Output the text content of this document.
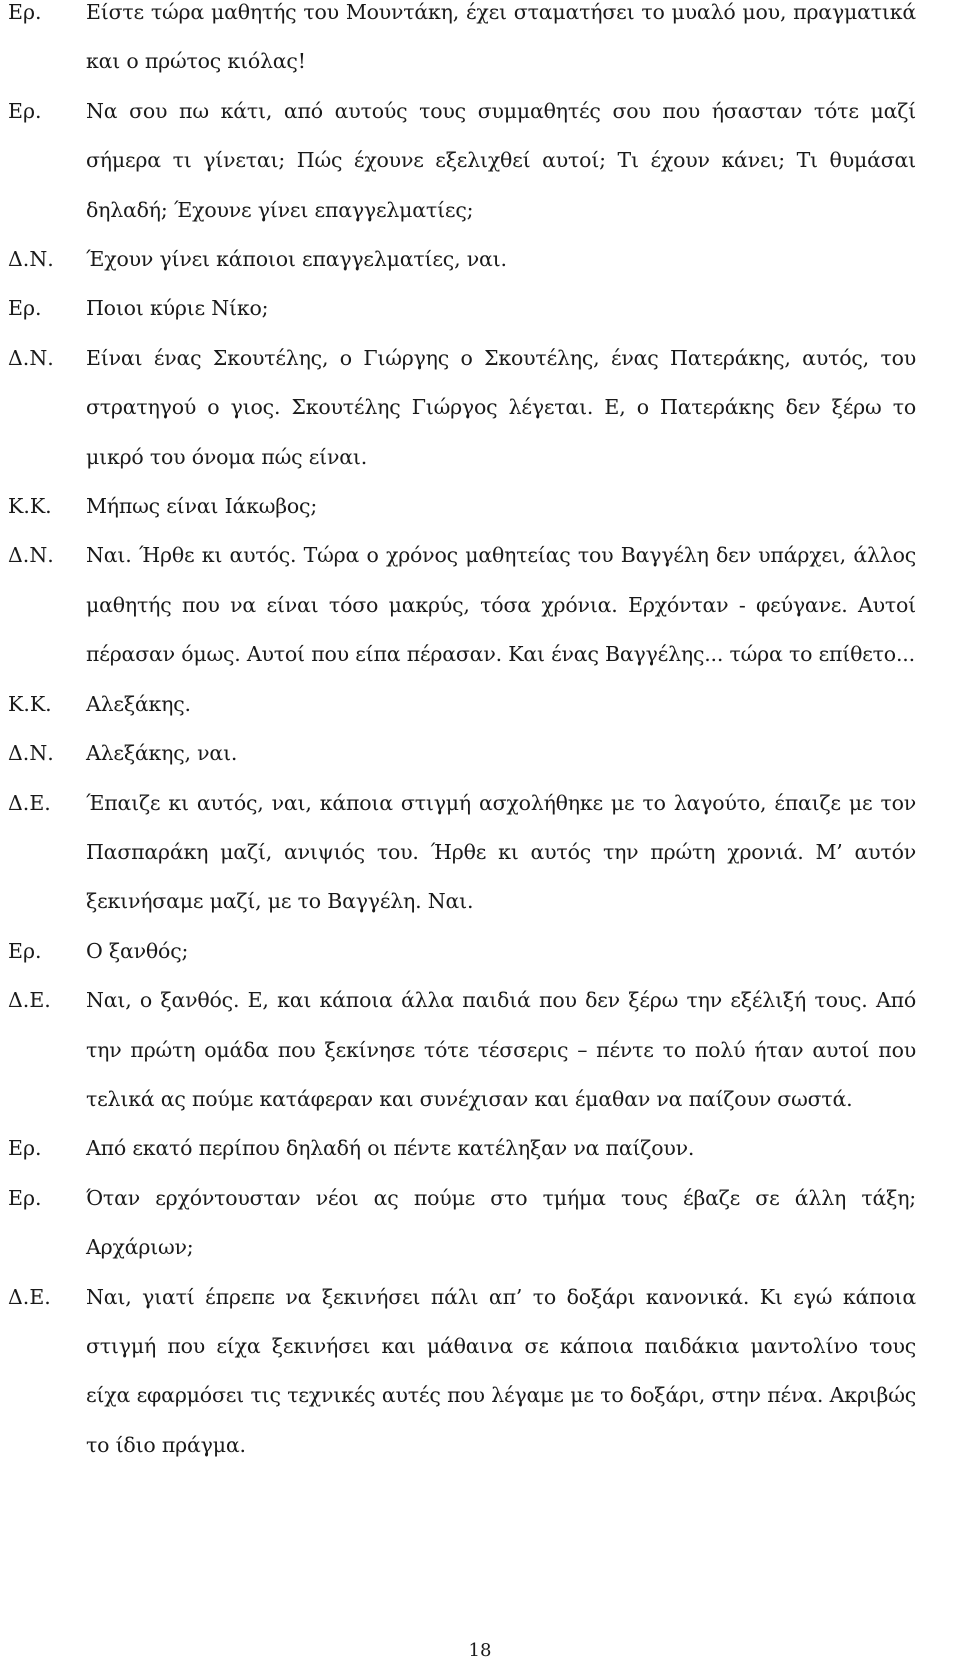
Ερ.	Είστε τώρα μαθητής του Μουντάκη, έχει σταματήσει το μυαλό μου, πραγματικά και ο πρώτος κιόλας!
Ερ.	Να σου πω κάτι, από αυτούς τους συμμαθητές σου που ήσασταν τότε μαζί σήμερα τι γίνεται; Πώς έχουνε εξελιχθεί αυτοί; Τι έχουν κάνει; Τι θυμάσαι δηλαδή; Έχουνε γίνει επαγγελματίες;
Δ.Ν.	Έχουν γίνει κάποιοι επαγγελματίες, ναι.
Ερ.	Ποιοι κύριε Νίκο;
Δ.Ν.	Είναι ένας Σκουτέλης, ο Γιώργης ο Σκουτέλης, ένας Πατεράκης, αυτός, του στρατηγού ο γιος. Σκουτέλης Γιώργος λέγεται. Ε, ο Πατεράκης δεν ξέρω το μικρό του όνομα πώς είναι.
Κ.Κ.	Μήπως είναι Ιάκωβος;
Δ.Ν.	Ναι. Ήρθε κι αυτός. Τώρα ο χρόνος μαθητείας του Βαγγέλη δεν υπάρχει, άλλος μαθητής που να είναι τόσο μακρύς, τόσα χρόνια. Ερχόνταν - φεύγανε. Αυτοί πέρασαν όμως. Αυτοί που είπα πέρασαν. Και ένας Βαγγέλης... τώρα το επίθετο...
Κ.Κ.	Αλεξάκης.
Δ.Ν.	Αλεξάκης, ναι.
Δ.Ε.	Έπαιζε κι αυτός, ναι, κάποια στιγμή ασχολήθηκε με το λαγούτο, έπαιζε με τον Πασπαράκη μαζί, ανιψιός του. Ήρθε κι αυτός την πρώτη χρονιά. Μ’ αυτόν ξεκινήσαμε μαζί, με το Βαγγέλη. Ναι.
Ερ.	Ο ξανθός;
Δ.Ε.	Ναι, ο ξανθός. Ε, και κάποια άλλα παιδιά που δεν ξέρω την εξέλιξή τους. Από την πρώτη ομάδα που ξεκίνησε τότε τέσσερις – πέντε το πολύ ήταν αυτοί που τελικά ας πούμε κατάφεραν και συνέχισαν και έμαθαν να παίζουν σωστά.
Ερ.	Από εκατό περίπου δηλαδή οι πέντε κατέληξαν να παίζουν.
Ερ.	Όταν ερχόντουσταν νέοι ας πούμε στο τμήμα τους έβαζε σε άλλη τάξη; Αρχάριων;
Δ.Ε.	Ναι, γιατί έπρεπε να ξεκινήσει πάλι απ’ το δοξάρι κανονικά. Κι εγώ κάποια στιγμή που είχα ξεκινήσει και μάθαινα σε κάποια παιδάκια μαντολίνο τους είχα εφαρμόσει τις τεχνικές αυτές που λέγαμε με το δοξάρι, στην πένα. Ακριβώς το ίδιο πράγμα.
18
